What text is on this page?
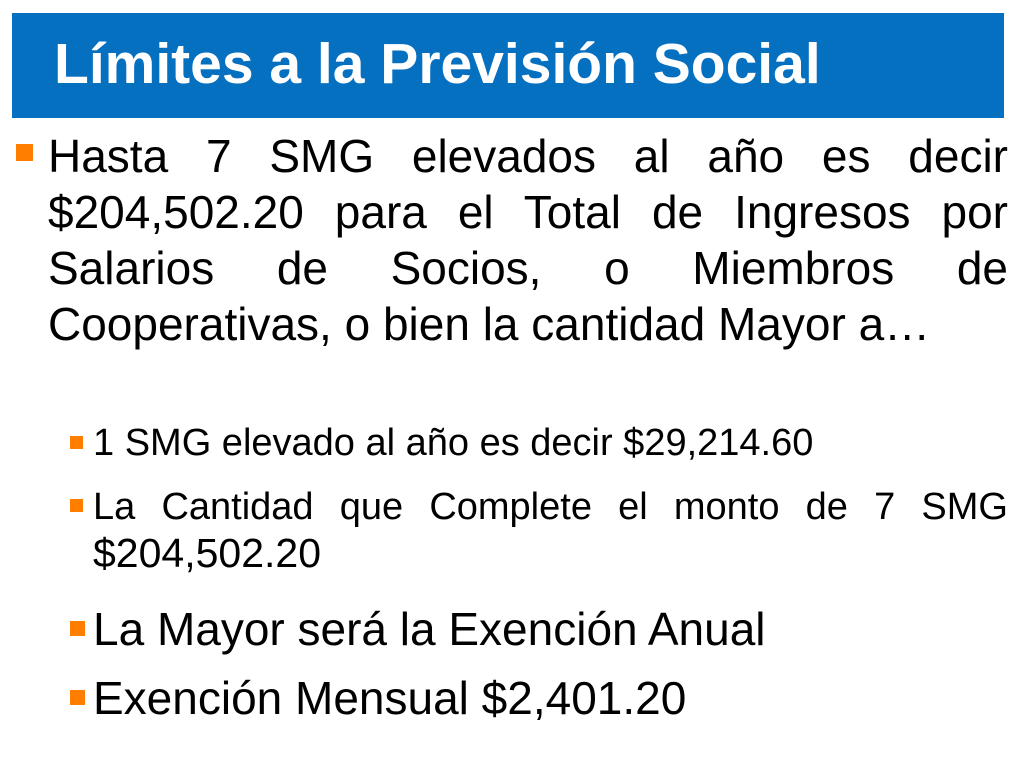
Límites a la Previsión Social
Hasta 7 SMG elevados al año es decir $204,502.20 para el Total de Ingresos por Salarios de Socios, o Miembros de Cooperativas, o bien la cantidad Mayor a…
1 SMG elevado al año es decir $29,214.60
La Cantidad que Complete el monto de 7 SMG $204,502.20
La Mayor será la Exención Anual
Exención Mensual $2,401.20
